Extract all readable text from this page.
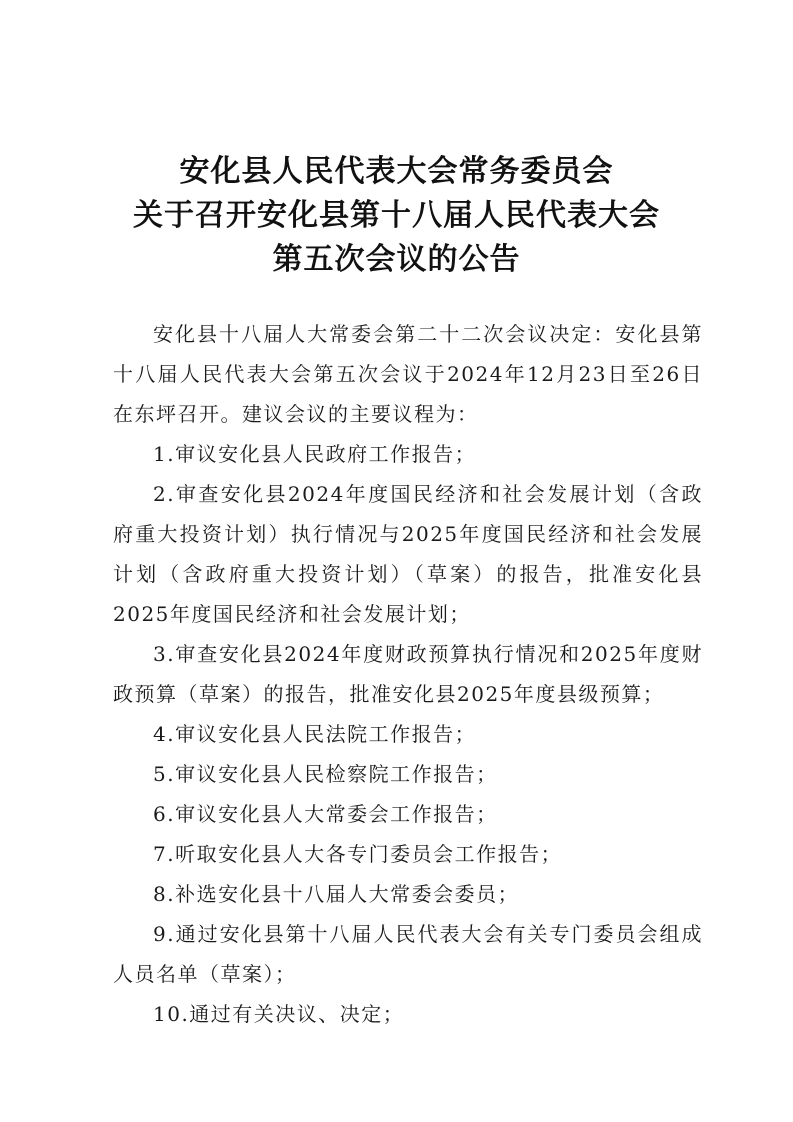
安化县人民代表大会常务委员会
关于召开安化县第十八届人民代表大会
第五次会议的公告

安化县十八届人大常委会第二十二次会议决定：安化县第十八届人民代表大会第五次会议于2024年12月23日至26日在东坪召开。建议会议的主要议程为：

1.审议安化县人民政府工作报告；

2.审查安化县2024年度国民经济和社会发展计划（含政府重大投资计划）执行情况与2025年度国民经济和社会发展计划（含政府重大投资计划）（草案）的报告，批准安化县2025年度国民经济和社会发展计划；

3.审查安化县2024年度财政预算执行情况和2025年度财政预算（草案）的报告，批准安化县2025年度县级预算；

4.审议安化县人民法院工作报告；

5.审议安化县人民检察院工作报告；

6.审议安化县人大常委会工作报告；

7.听取安化县人大各专门委员会工作报告；

8.补选安化县十八届人大常委会委员；

9.通过安化县第十八届人民代表大会有关专门委员会组成人员名单（草案）；

10.通过有关决议、决定；
